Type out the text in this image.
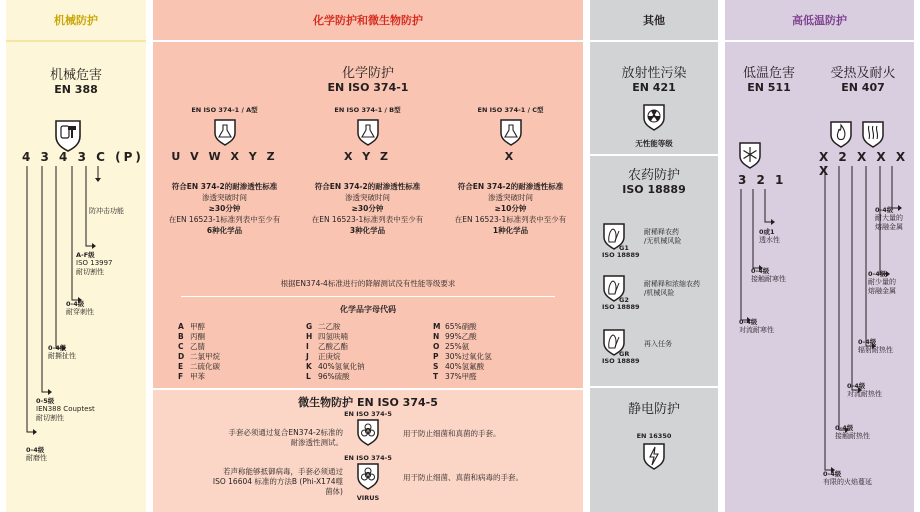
机械防护
机械危害
EN 388
4 3 4 3 C (P)
防冲击功能
A-F级
ISO 13997
耐切割性
0-4级
耐穿刺性
0-4级
耐撕扯性
0-5级
IEN388 Couptest
耐切割性
0-4级
耐磨性
化学防护和微生物防护
化学防护
EN ISO 374-1
EN ISO 374-1 / A型
U V W X Y Z
符合EN 374-2的耐渗透性标准
渗透突破时间
≥30分钟
在EN 16523-1标准列表中至少有
6种化学品
EN ISO 374-1 / B型
X Y Z
符合EN 374-2的耐渗透性标准
渗透突破时间
≥30分钟
在EN 16523-1标准列表中至少有
3种化学品
EN ISO 374-1 / C型
X
符合EN 374-2的耐渗透性标准
渗透突破时间
≥10分钟
在EN 16523-1标准列表中至少有
1种化学品
根据EN374-4标准进行的降解测试没有性能等级要求
化学品字母代码
A 甲醇
B 丙酮
C 乙腈
D 二氯甲烷
E 二硫化碳
F 甲苯
G 二乙胺
H 四氢呋喃
I	乙酸乙酯
J	正庚烷
K 40%氢氧化钠
L 96%硫酸
M 65%硝酸
N 99%乙酸
O 25%氨
P 30%过氧化氢
S 40%氢氟酸
T 37%甲醛
微生物防护 EN ISO 374-5
手套必须通过复合EN374-2标准的
耐渗透性测试。
EN ISO 374-5
用于防止细菌和真菌的手套。
若声称能够抵御病毒，手套必须通过
ISO 16604 标准的方法B (Phi-X174噬
菌体)
EN ISO 374-5
VIRUS
用于防止细菌、真菌和病毒的手套。
其他
放射性污染
EN 421
无性能等级
农药防护
ISO 18889
G1
ISO 18889
耐稀释农药
/无机械风险
G2
ISO 18889
耐稀释和浓缩农药
/机械风险
GR
ISO 18889
再入任务
静电防护
EN 16350
高低温防护
低温危害
EN 511
受热及耐火
EN 407
3 2 1
X 2 X X X X
0或1
透水性
0-4级
接触耐寒性
0-4级
对流耐寒性
0-4级
耐大量的
熔融金属
0-4级
耐少量的
熔融金属
0-4级
辐射耐热性
0-4级
对流耐热性
0-4级
接触耐热性
0-4级
有限的火焰蔓延
